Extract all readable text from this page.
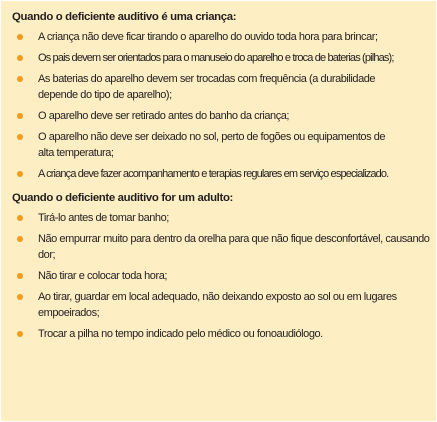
Quando o deficiente auditivo é uma criança:
A criança não deve ficar tirando o aparelho do ouvido toda hora para brincar;
Os pais devem ser orientados para o manuseio do aparelho e troca de baterias (pilhas);
As baterias do aparelho devem ser trocadas com frequência (a durabilidade depende do tipo de aparelho);
O aparelho deve ser retirado antes do banho da criança;
O aparelho não deve ser deixado no sol, perto de fogões ou equipamentos de alta temperatura;
A criança deve fazer acompanhamento e terapias regulares em serviço especializado.
Quando o deficiente auditivo for um adulto:
Tirá-lo antes de tomar banho;
Não empurrar muito para dentro da orelha para que não fique desconfortável, causando dor;
Não tirar e colocar toda hora;
Ao tirar, guardar em local adequado, não deixando exposto ao sol ou em lugares empoeirados;
Trocar a pilha no tempo indicado pelo médico ou fonoaudiólogo.
